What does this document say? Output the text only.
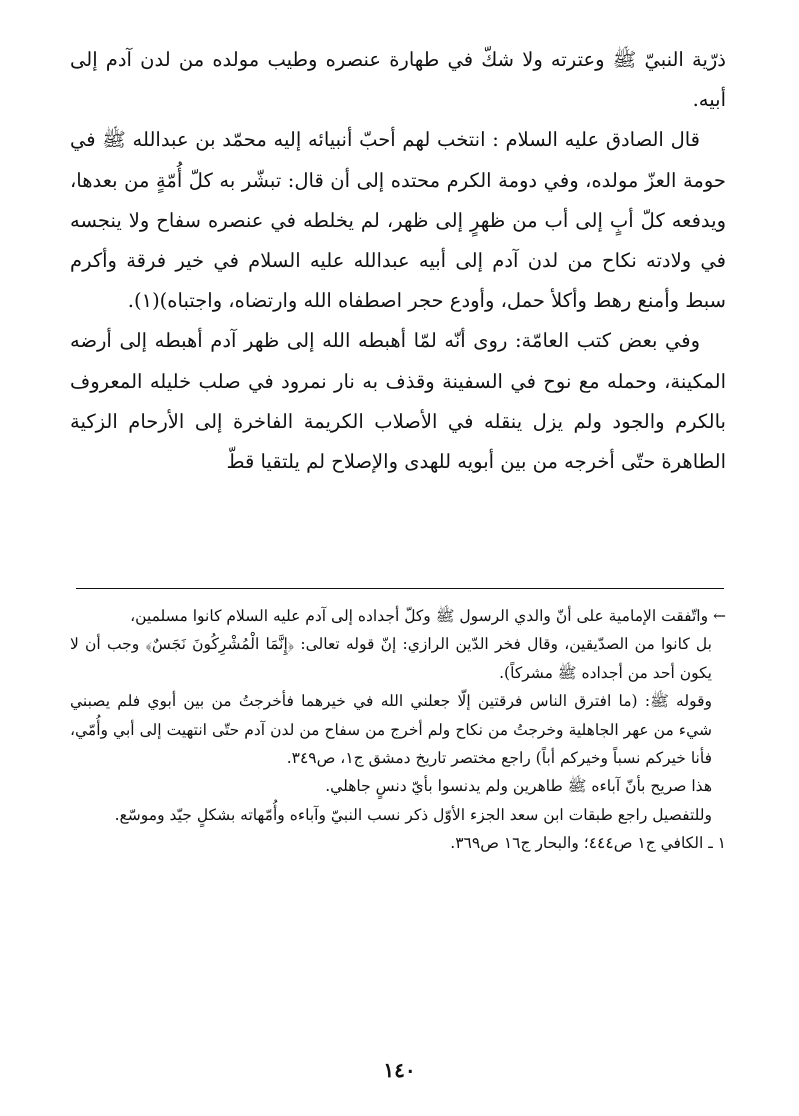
ذرّية النبيّ ﷺ وعترته ولا شكّ في طهارة عنصره وطيب مولده من لدن آدم إلى أبيه.

قال الصادق عليه السلام : انتخب لهم أحبّ أنبيائه إليه محمّد بن عبدالله ﷺ في حومة العزّ مولده، وفي دومة الكرم محتده إلى أن قال: تبشّر به كلّ أُمّةٍ من بعدها، ويدفعه كلّ أبٍ إلى أب من ظهرٍ إلى ظهر، لم يخلطه في عنصره سفاح ولا ينجسه في ولادته نكاح من لدن آدم إلى أبيه عبدالله عليه السلام في خير فرقة وأكرم سبط وأمنع رهط وأكلأ حمل، وأودع حجر اصطفاه الله وارتضاه، واجتباه)(١).

وفي بعض كتب العامّة: روى أنّه لمّا أهبطه الله إلى ظهر آدم أهبطه إلى أرضه المكينة، وحمله مع نوح في السفينة وقذف به نار نمرود في صلب خليله المعروف بالكرم والجود ولم يزل ينقله في الأصلاب الكريمة الفاخرة إلى الأرحام الزكية الطاهرة حتّى أخرجه من بين أبويه للهدى والإصلاح لم يلتقيا قطّ

← واتّفقت الإمامية على أنّ والدي الرسول ﷺ وكلّ أجداده إلى آدم عليه السلام كانوا مسلمين،

بل كانوا من الصدّيقين، وقال فخر الدّين الرازي: إنّ قوله تعالى: ﴿إِنَّمَا الْمُشْرِكُونَ نَجَسٌ﴾ وجب أن لا يكون أحد من أجداده ﷺ مشركاً).

وقوله ﷺ: (ما افترق الناس فرقتين إلّا جعلني الله في خيرهما فأخرجتُ من بين أبوي فلم يصبني شيء من عهر الجاهلية وخرجتُ من نكاح ولم أخرج من سفاح من لدن آدم حتّى انتهيت إلى أبي وأُمّي، فأنا خيركم نسباً وخيركم أباً) راجع مختصر تاريخ دمشق ج١، ص٣٤٩.

هذا صريح بأنّ آباءه ﷺ طاهرين ولم يدنسوا بأيّ دنسٍ جاهلي.

وللتفصيل راجع طبقات ابن سعد الجزء الأوّل ذكر نسب النبيّ وآباءه وأُمّهاته بشكلٍ جيّد وموسّع.

١ ـ الكافي ج١ ص٤٤٤؛ والبحار ج١٦ ص٣٦٩.

١٤٠
